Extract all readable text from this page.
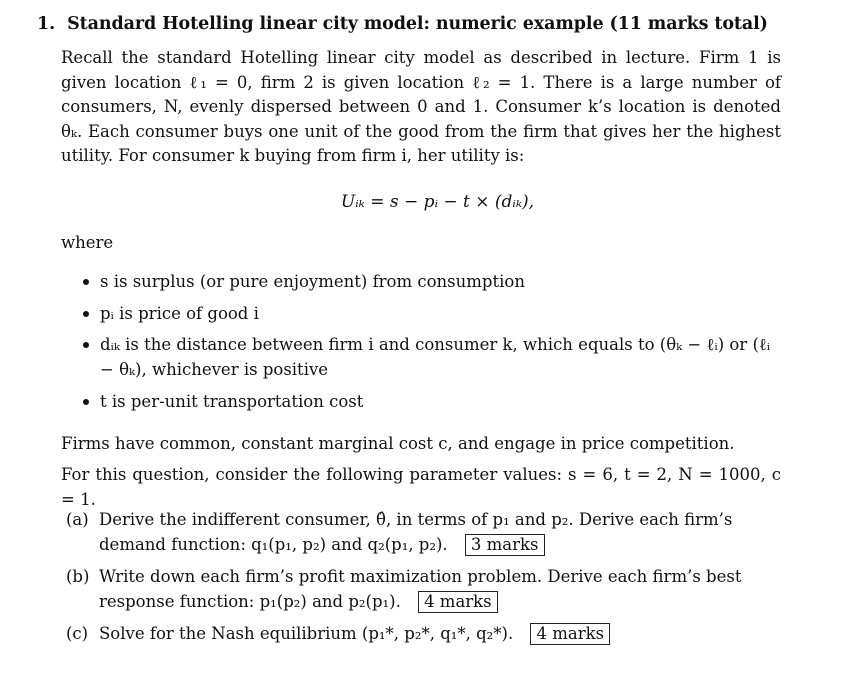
1. Standard Hotelling linear city model: numeric example (11 marks total)
Recall the standard Hotelling linear city model as described in lecture. Firm 1 is given location ℓ₁ = 0, firm 2 is given location ℓ₂ = 1. There is a large number of consumers, N, evenly dispersed between 0 and 1. Consumer k’s location is denoted θₖ. Each consumer buys one unit of the good from the firm that gives her the highest utility. For consumer k buying from firm i, her utility is:
Uᵢₖ = s − pᵢ − t × (dᵢₖ),
where
s is surplus (or pure enjoyment) from consumption
pᵢ is price of good i
dᵢₖ is the distance between firm i and consumer k, which equals to (θₖ − ℓᵢ) or (ℓᵢ − θₖ), whichever is positive
t is per-unit transportation cost
Firms have common, constant marginal cost c, and engage in price competition.
For this question, consider the following parameter values: s = 6, t = 2, N = 1000, c = 1.
(a) Derive the indifferent consumer, θ̂, in terms of p₁ and p₂. Derive each firm’s demand function: q₁(p₁, p₂) and q₂(p₁, p₂). 3 marks
(b) Write down each firm’s profit maximization problem. Derive each firm’s best response function: p₁(p₂) and p₂(p₁). 4 marks
(c) Solve for the Nash equilibrium (p₁*, p₂*, q₁*, q₂*). 4 marks
